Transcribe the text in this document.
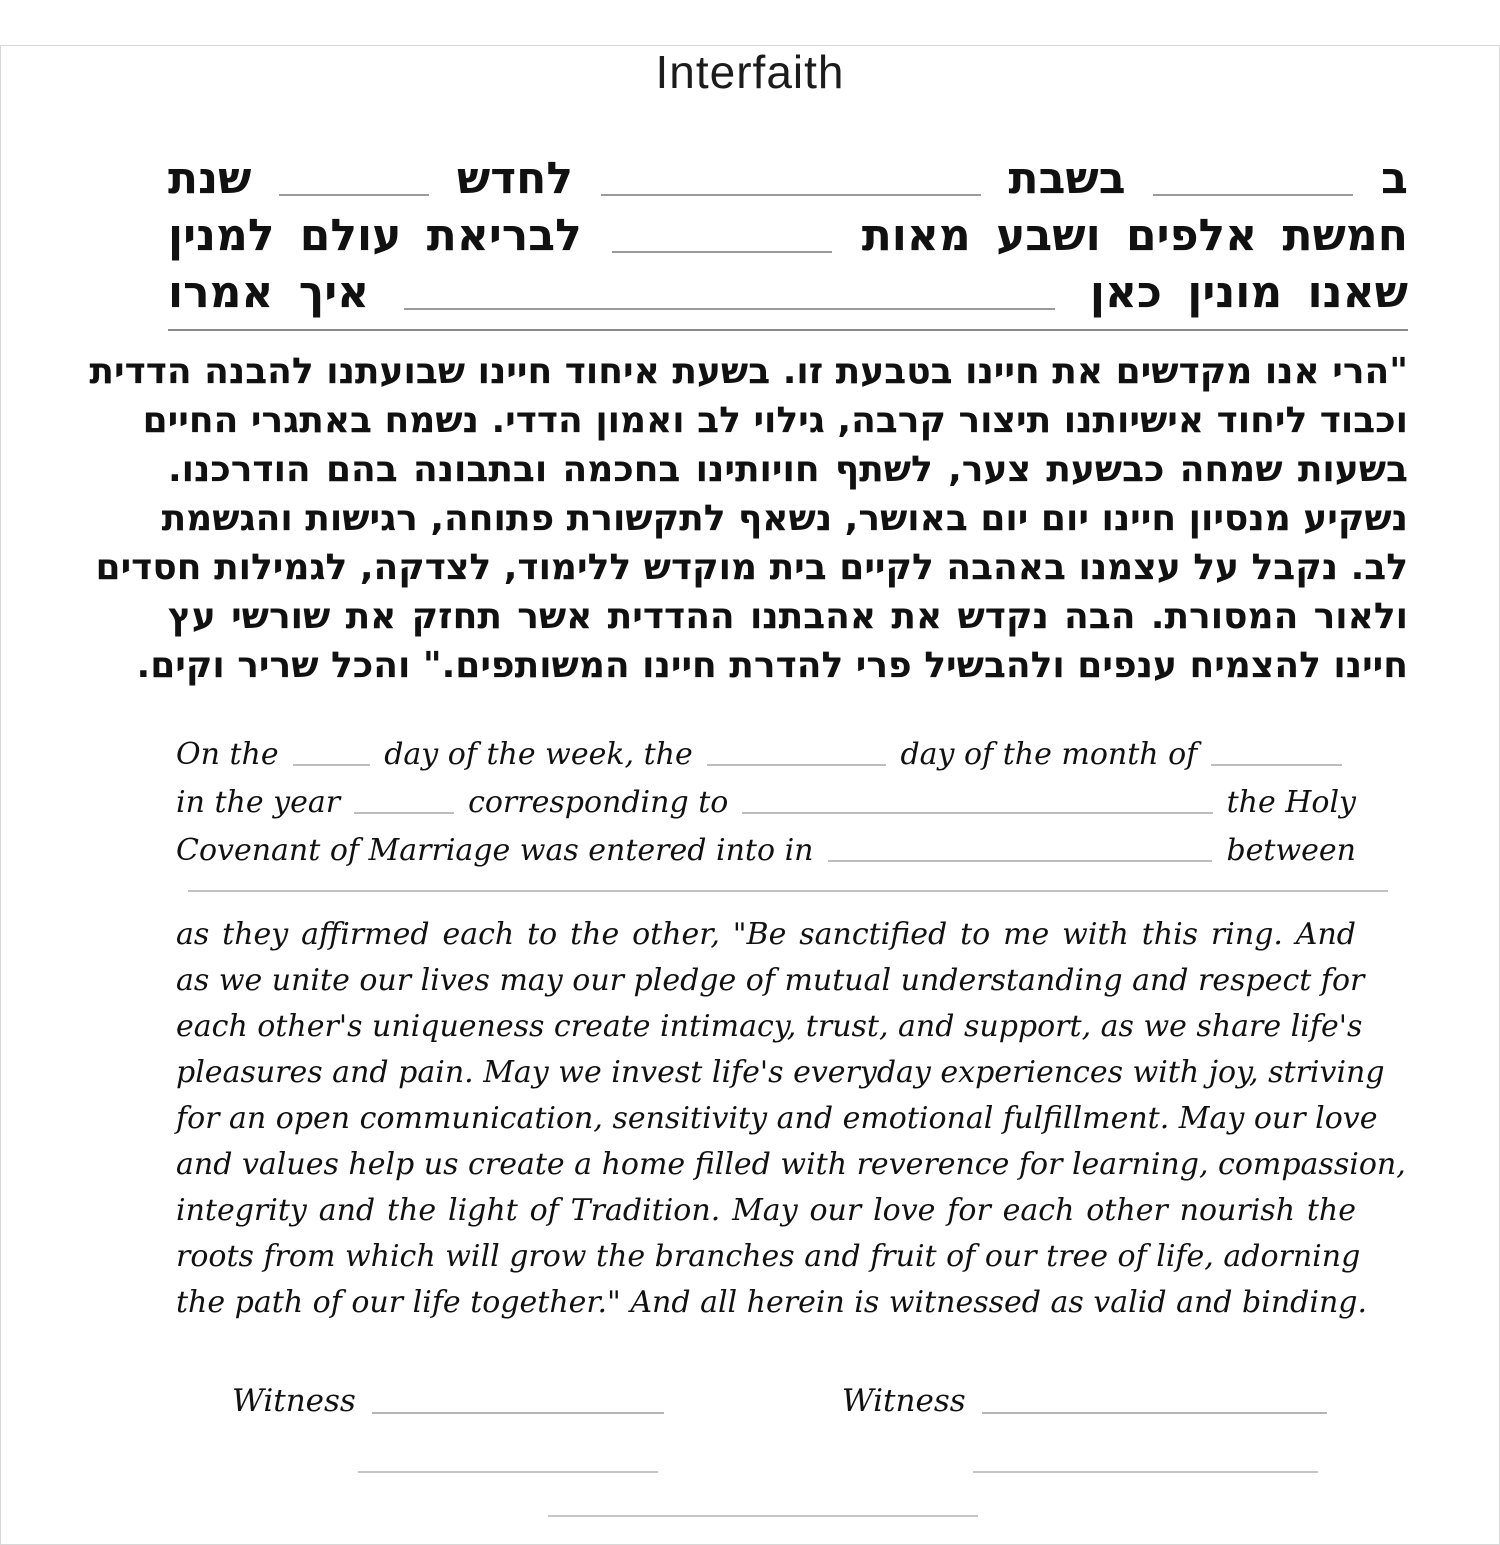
Interfaith
ב
בשבת
לחדש
שנת
חמשת אלפים ושבע מאות
לבריאת עולם למנין
שאנו מונין כאן
איך אמרו
"הרי אנו מקדשים את חיינו בטבעת זו. בשעת איחוד חיינו שבועתנו להבנה הדדית
וכבוד ליחוד אישיותנו תיצור קרבה, גילוי לב ואמון הדדי. נשמח באתגרי החיים
בשעות שמחה כבשעת צער, לשתף חויותינו בחכמה ובתבונה בהם הודרכנו.
נשקיע מנסיון חיינו יום יום באושר, נשאף לתקשורת פתוחה, רגישות והגשמת
לב. נקבל על עצמנו באהבה לקיים בית מוקדש ללימוד, לצדקה, לגמילות חסדים
ולאור המסורת. הבה נקדש את אהבתנו ההדדית אשר תחזק את שורשי עץ
חיינו להצמיח ענפים ולהבשיל פרי להדרת חיינו המשותפים." והכל שריר וקים.
On the	day of the week, the	day of the month of
in the year	corresponding to	the Holy
Covenant of Marriage was entered into in	between
as they affirmed each to the other, "Be sanctified to me with this ring. And
as we unite our lives may our pledge of mutual understanding and respect for
each other's uniqueness create intimacy, trust, and support, as we share life's
pleasures and pain. May we invest life's everyday experiences with joy, striving
for an open communication, sensitivity and emotional fulfillment. May our love
and values help us create a home filled with reverence for learning, compassion,
integrity and the light of Tradition. May our love for each other nourish the
roots from which will grow the branches and fruit of our tree of life, adorning
the path of our life together." And all herein is witnessed as valid and binding.
Witness	Witness
